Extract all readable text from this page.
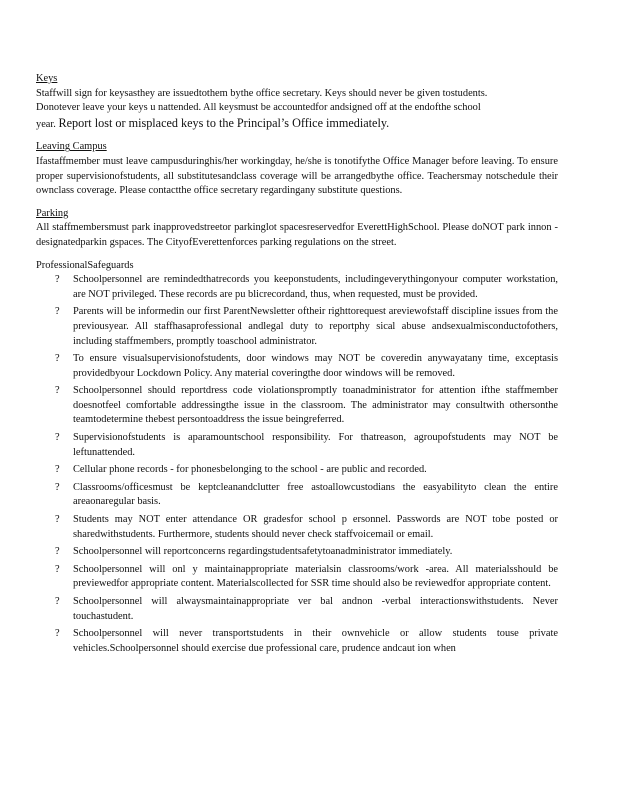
Keys

Staffwill sign for keysasthey are issuedtothem bythe office secretary. Keys should never be given tostudents.

Donotever leave your keys u nattended. All keysmust be accountedfor andsigned off at the endofthe school

year. Report lost or misplaced keys to the Principal’s Office immediately.

Leaving Campus

Ifastaffmember must leave campusduringhis/her workingday, he/she is tonotifythe Office Manager before leaving. To ensure proper supervisionofstudents, all substitutesandclass coverage will be arrangedbythe office. Teachersmay notschedule their ownclass coverage. Please contactthe office secretary regardingany substitute questions.

Parking

All staffmembersmust park inapprovedstreetor parkinglot spacesreservedfor EverettHighSchool. Please doNOT park innon -designatedparkin gspaces. The CityofEverettenforces parking regulations on the street.

ProfessionalSafeguards

? Schoolpersonnel are remindedthatrecords you keeponstudents, includingeverythingonyour computer workstation, are NOT privileged. These records are pu blicrecordand, thus, when requested, must be provided.
? Parents will be informedin our first ParentNewsletter oftheir righttorequest areviewofstaff discipline issues from the previousyear. All staffhasaprofessional andlegal duty to reportphy sical abuse andsexualmisconductofothers, including staffmembers, promptly toaschool administrator.
? To ensure visualsupervisionofstudents, door windows may NOT be coveredin anywayatany time, exceptasis providedbyour Lockdown Policy. Any material coveringthe door windows will be removed.
? Schoolpersonnel should reportdress code violationspromptly toanadministrator for attention ifthe staffmember doesnotfeel comfortable addressingthe issue in the classroom. The administrator may consultwith othersonthe teamtodetermine thebest persontoaddress the issue beingreferred.
? Supervisionofstudents is aparamountschool responsibility. For thatreason, agroupofstudents may NOT be leftunattended.
? Cellular phone records - for phonesbelonging to the school - are public and recorded.
? Classrooms/officesmust be keptcleanandclutter free astoallowcustodians the easyabilityto clean the entire areaonaregular basis.
? Students may NOT enter attendance OR gradesfor school p ersonnel. Passwords are NOT tobe posted or sharedwithstudents. Furthermore, students should never check staffvoicemail or email.
? Schoolpersonnel will reportconcerns regardingstudentsafetytoanadministrator immediately.
? Schoolpersonnel will onl y maintainappropriate materialsin classrooms/work -area. All materialsshould be previewedfor appropriate content. Materialscollected for SSR time should also be reviewedfor appropriate content.
? Schoolpersonnel will alwaysmaintainappropriate ver bal andnon -verbal interactionswithstudents. Never touchastudent.
? Schoolpersonnel will never transportstudents in their ownvehicle or allow students touse private vehicles.Schoolpersonnel should exercise due professional care, prudence andcaut ion when
